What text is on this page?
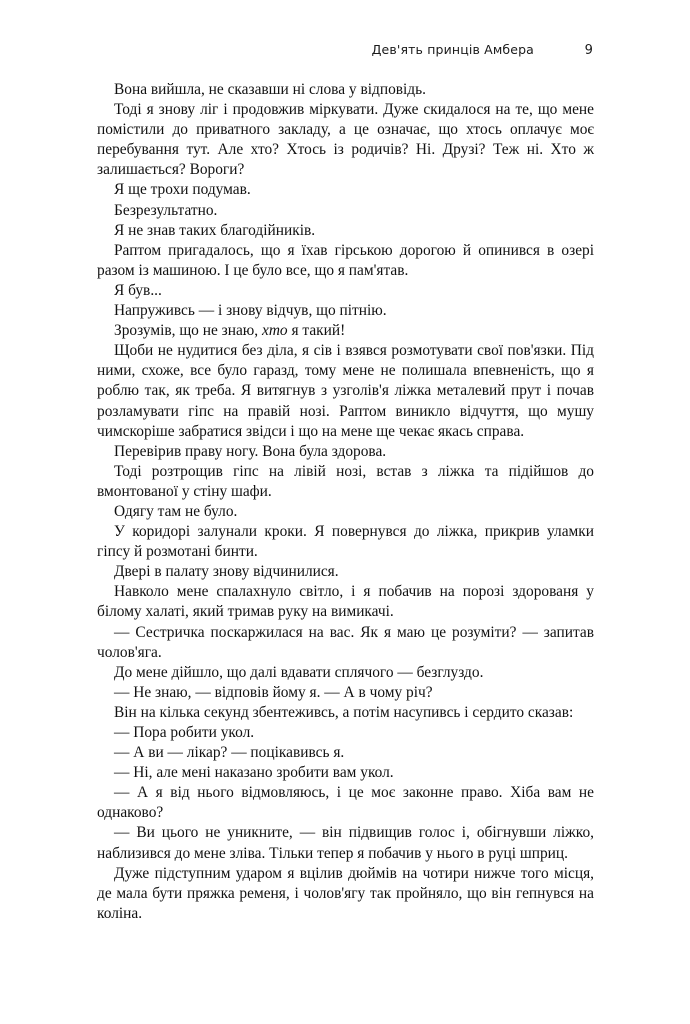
Дев'ять принців Амбера	9

Вона вийшла, не сказавши ні слова у відповідь.

Тоді я знову ліг і продовжив міркувати. Дуже скидалося на те, що мене помістили до приватного закладу, а це означає, що хтось оплачує моє перебування тут. Але хто? Хтось із родичів? Ні. Друзі? Теж ні. Хто ж залишається? Вороги?

Я ще трохи подумав.

Безрезультатно.

Я не знав таких благодійників.

Раптом пригадалось, що я їхав гірською дорогою й опинився в озері разом із машиною. І це було все, що я пам'ятав.

Я був...

Напруживсь — і знову відчув, що пітнію.

Зрозумів, що не знаю, хто я такий!

Щоби не нудитися без діла, я сів і взявся розмотувати свої пов'язки. Під ними, схоже, все було гаразд, тому мене не полишала впевненість, що я роблю так, як треба. Я витягнув з узголів'я ліжка металевий прут і почав розламувати гіпс на правій нозі. Раптом виникло відчуття, що мушу чимскоріше забратися звідси і що на мене ще чекає якась справа.

Перевірив праву ногу. Вона була здорова.

Тоді розтрощив гіпс на лівій нозі, встав з ліжка та підійшов до вмонтованої у стіну шафи.

Одягу там не було.

У коридорі залунали кроки. Я повернувся до ліжка, прикрив уламки гіпсу й розмотані бинти.

Двері в палату знову відчинилися.

Навколо мене спалахнуло світло, і я побачив на порозі здорованя у білому халаті, який тримав руку на вимикачі.

— Сестричка поскаржилася на вас. Як я маю це розуміти? — запитав чолов'яга.

До мене дійшло, що далі вдавати сплячого — безглуздо.

— Не знаю, — відповів йому я. — А в чому річ?

Він на кілька секунд збентеживсь, а потім насупивсь і сердито сказав:

— Пора робити укол.

— А ви — лікар? — поцікавивсь я.

— Ні, але мені наказано зробити вам укол.

— А я від нього відмовляюсь, і це моє законне право. Хіба вам не однаково?

— Ви цього не уникните, — він підвищив голос і, обігнувши ліжко, наблизився до мене зліва. Тільки тепер я побачив у нього в руці шприц.

Дуже підступним ударом я вцілив дюймів на чотири нижче того місця, де мала бути пряжка ременя, і чолов'ягу так пройняло, що він гепнувся на коліна.
